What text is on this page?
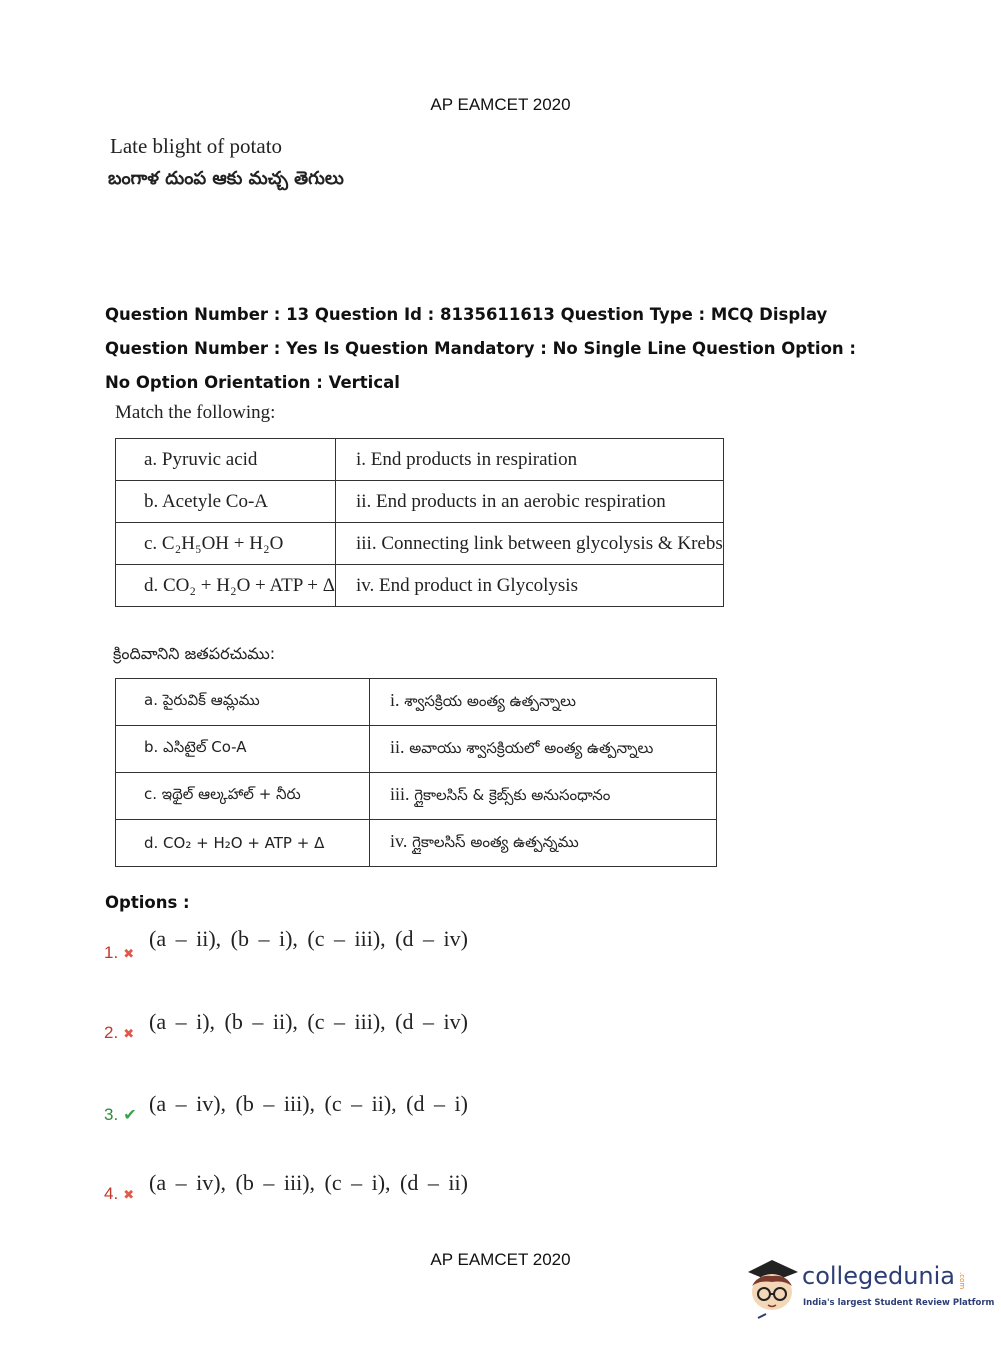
AP EAMCET 2020
Late blight of potato
బంగాళ దుంప ఆకు మచ్చ తెగులు
Question Number : 13 Question Id : 8135611613 Question Type : MCQ Display Question Number : Yes Is Question Mandatory : No Single Line Question Option : No Option Orientation : Vertical
Match the following:
a. Pyruvic acid	i. End products in respiration
b. Acetyle Co-A	ii. End products in an aerobic respiration
c. C₂H₅OH + H₂O	iii. Connecting link between glycolysis & Krebs
d. CO₂ + H₂O + ATP + Δ	iv. End product in Glycolysis
క్రిందివానిని జతపరచుము:
a. పైరువిక్ ఆమ్లము	i. శ్వాసక్రియ అంత్య ఉత్పన్నాలు
b. ఎసిటైల్ Co-A	ii. అవాయు శ్వాసక్రియలో అంత్య ఉత్పన్నాలు
c. ఇథైల్ ఆల్కహాల్ + నీరు	iii. గ్లైకాలసిస్ & క్రెబ్స్‌కు అనుసంధానం
d. CO₂ + H₂O + ATP + Δ	iv. గ్లైకాలసిస్ అంత్య ఉత్పన్నము
Options :
1. ✖
(a – ii), (b – i), (c – iii), (d – iv)
2. ✖ (a – i), (b – ii), (c – iii), (d – iv)
3. ✔ (a – iv), (b – iii), (c – ii), (d – i)
4. ✖ (a – iv), (b – iii), (c – i), (d – ii)
AP EAMCET 2020
collegedunia .com
India's largest Student Review Platform
